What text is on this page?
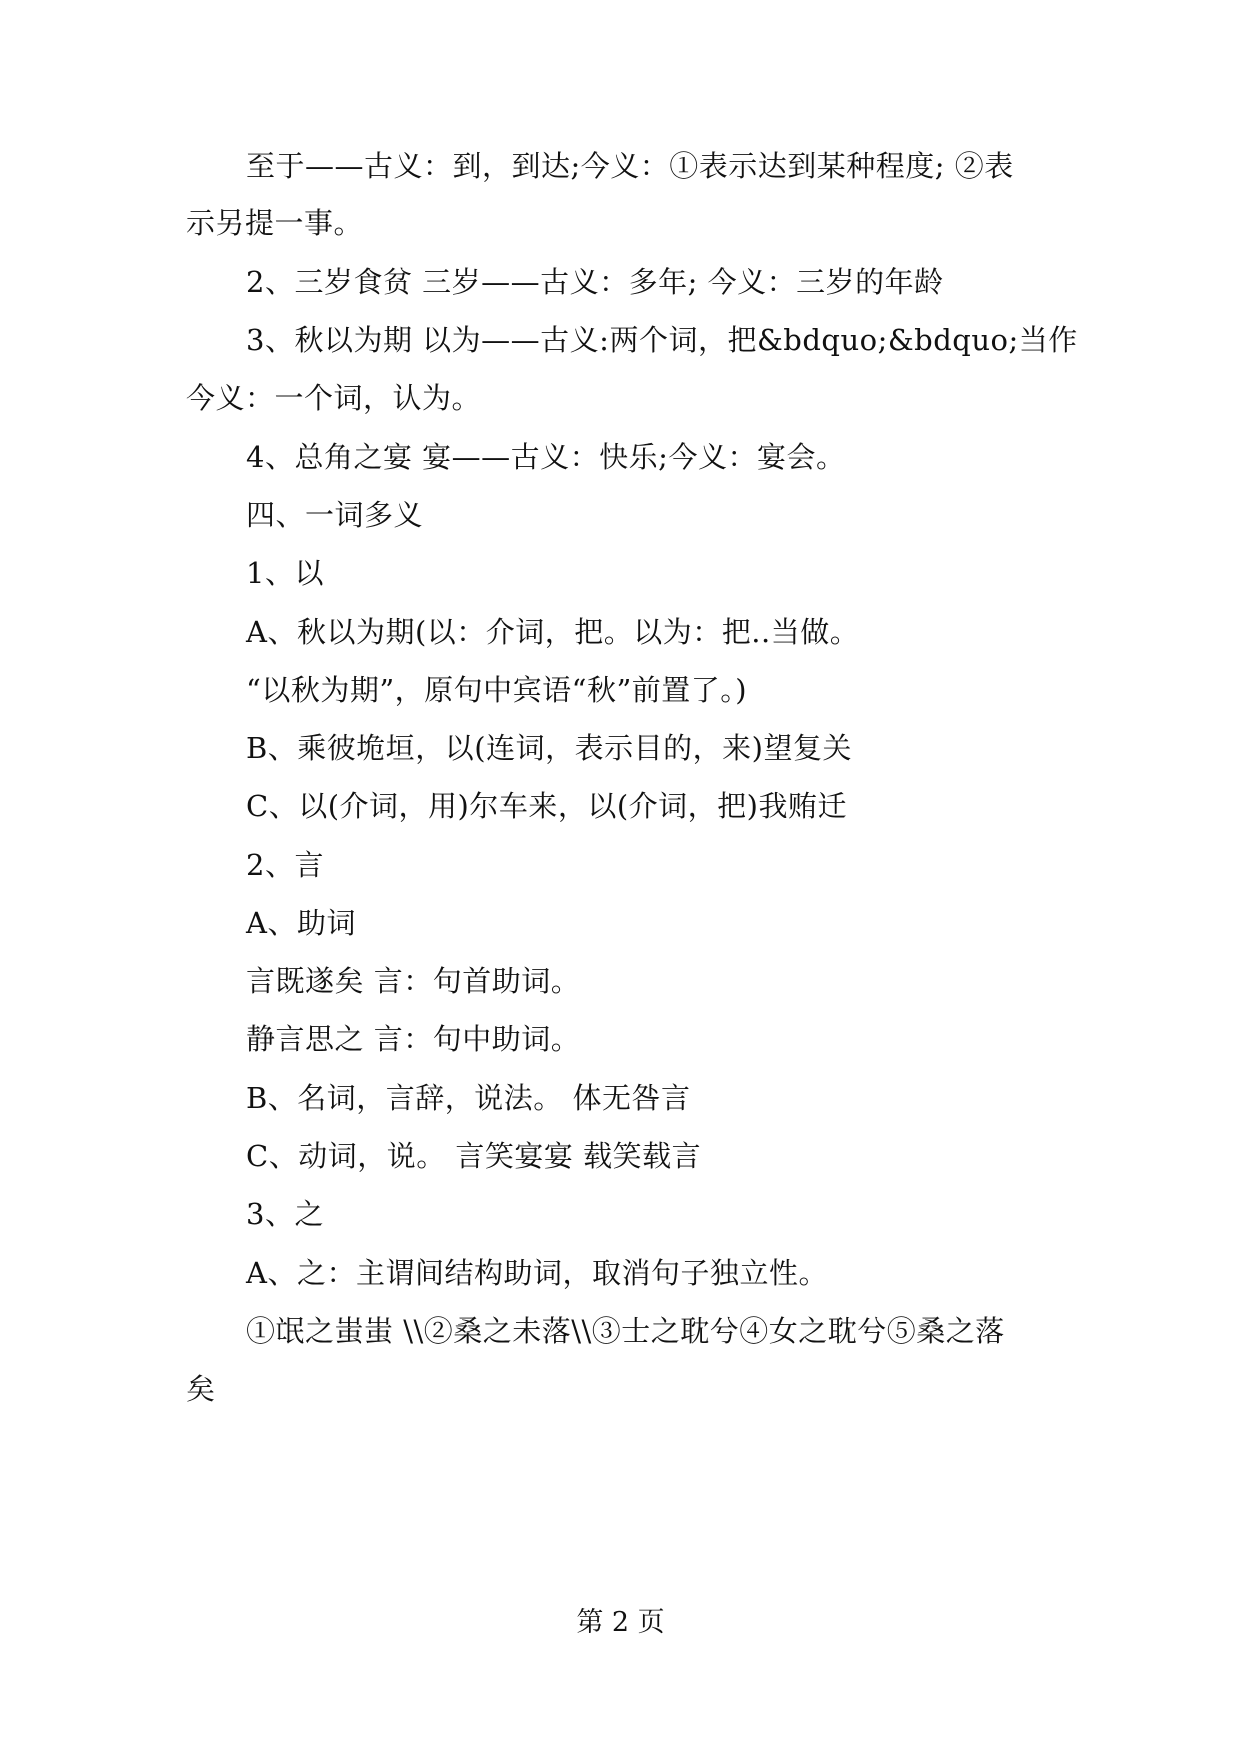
至于——古义：到，到达;今义：①表示达到某种程度; ②表
示另提一事。
2、三岁食贫 三岁——古义：多年; 今义：三岁的年龄
3、秋以为期 以为——古义:两个词，把&bdquo;&bdquo;当作
今义：一个词，认为。
4、总角之宴 宴——古义：快乐;今义：宴会。
四、一词多义
1、以
A、秋以为期(以：介词，把。以为：把..当做。
“以秋为期”，原句中宾语“秋”前置了。)
B、乘彼垝垣，以(连词，表示目的，来)望复关
C、以(介词，用)尔车来，以(介词，把)我贿迁
2、言
A、助词
言既遂矣 言：句首助词。
静言思之 言：句中助词。
B、名词，言辞，说法。 体无咎言
C、动词，说。 言笑宴宴 载笑载言
3、之
A、之：主谓间结构助词，取消句子独立性。
①氓之蚩蚩 \\②桑之未落\\③士之耽兮④女之耽兮⑤桑之落
矣
第 2 页
